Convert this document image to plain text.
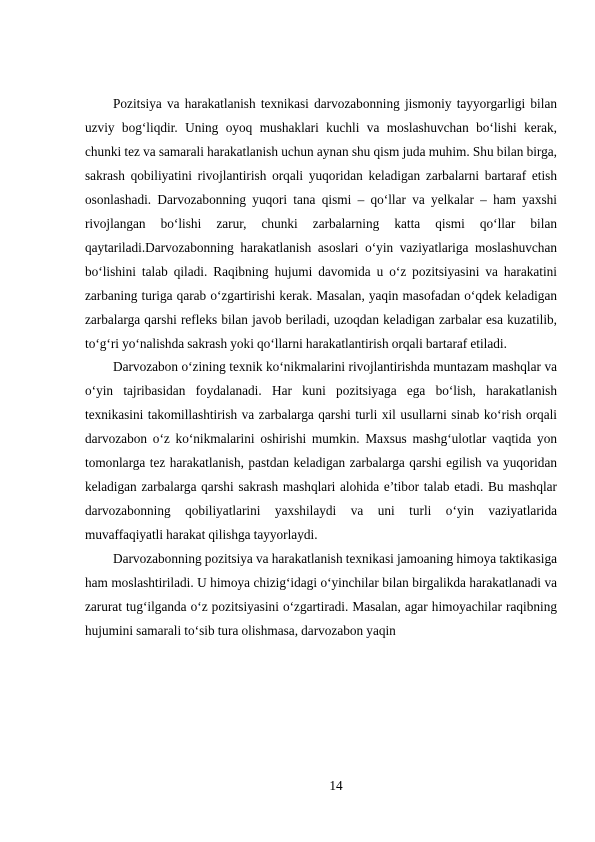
Pozitsiya va harakatlanish texnikasi darvozabonning jismoniy tayyorgarligi bilan uzviy bog‘liqdir. Uning oyoq mushaklari kuchli va moslashuvchan bo‘lishi kerak, chunki tez va samarali harakatlanish uchun aynan shu qism juda muhim. Shu bilan birga, sakrash qobiliyatini rivojlantirish orqali yuqoridan keladigan zarbalarni bartaraf etish osonlashadi. Darvozabonning yuqori tana qismi – qo‘llar va yelkalar – ham yaxshi rivojlangan bo‘lishi zarur, chunki zarbalarning katta qismi qo‘llar bilan qaytariladi.Darvozabonning harakatlanish asoslari o‘yin vaziyatlariga moslashuvchan bo‘lishini talab qiladi. Raqibning hujumi davomida u o‘z pozitsiyasini va harakatini zarbaning turiga qarab o‘zgartirishi kerak. Masalan, yaqin masofadan o‘qdek keladigan zarbalarga qarshi refleks bilan javob beriladi, uzoqdan keladigan zarbalar esa kuzatilib, to‘g‘ri yo‘nalishda sakrash yoki qo‘llarni harakatlantirish orqali bartaraf etiladi.

Darvozabon o‘zining texnik ko‘nikmalarini rivojlantirishda muntazam mashqlar va o‘yin tajribasidan foydalanadi. Har kuni pozitsiyaga ega bo‘lish, harakatlanish texnikasini takomillashtirish va zarbalarga qarshi turli xil usullarni sinab ko‘rish orqali darvozabon o‘z ko‘nikmalarini oshirishi mumkin. Maxsus mashg‘ulotlar vaqtida yon tomonlarga tez harakatlanish, pastdan keladigan zarbalarga qarshi egilish va yuqoridan keladigan zarbalarga qarshi sakrash mashqlari alohida e’tibor talab etadi. Bu mashqlar darvozabonning qobiliyatlarini yaxshilaydi va uni turli o‘yin vaziyatlarida muvaffaqiyatli harakat qilishga tayyorlaydi.

Darvozabonning pozitsiya va harakatlanish texnikasi jamoaning himoya taktikasiga ham moslashtiriladi. U himoya chizig‘idagi o‘yinchilar bilan birgalikda harakatlanadi va zarurat tug‘ilganda o‘z pozitsiyasini o‘zgartiradi. Masalan, agar himoyachilar raqibning hujumini samarali to‘sib tura olishmasa, darvozabon yaqin

14
